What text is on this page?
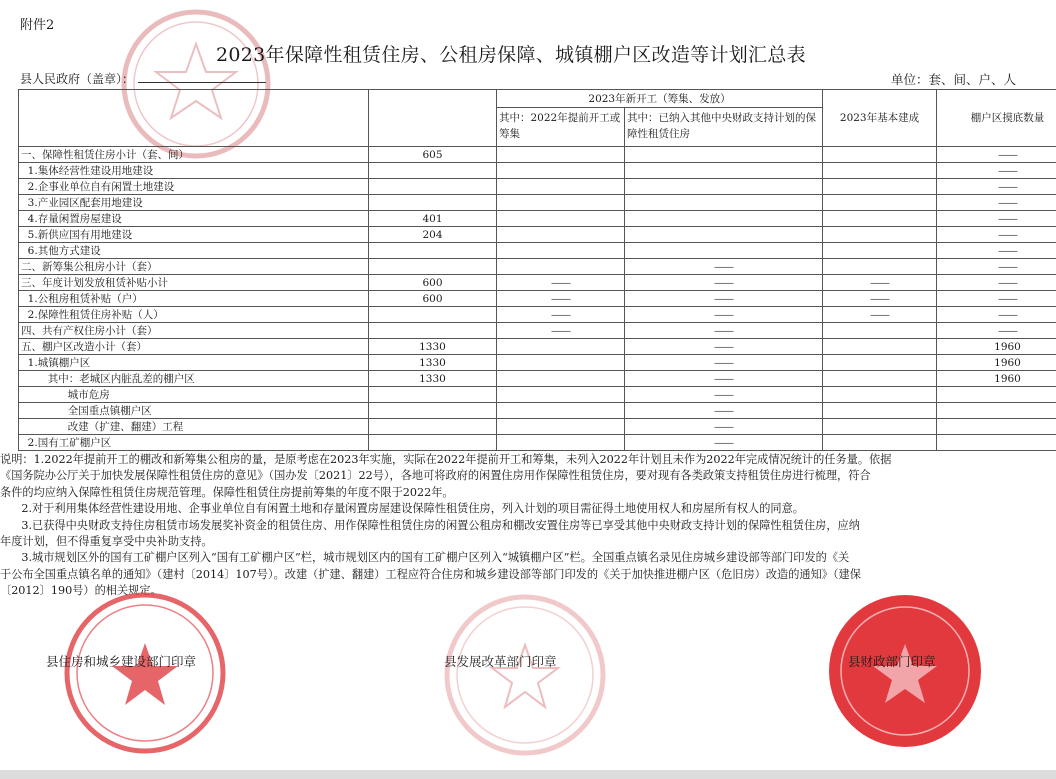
附件2
2023年保障性租赁住房、公租房保障、城镇棚户区改造等计划汇总表
县人民政府（盖章）：	单位：套、间、户、人
		2023年新开工（筹集、发放）		2023年基本建成	棚户区摸底数量
		其中：2022年提前开工或筹集	其中：已纳入其他中央财政支持计划的保障性租赁住房		
一、保障性租赁住房小计（套、间）	605				——
1.集体经营性建设用地建设					——
2.企事业单位自有闲置土地建设					——
3.产业园区配套用地建设					——
4.存量闲置房屋建设	401				——
5.新供应国有用地建设	204				——
6.其他方式建设					——
二、新筹集公租房小计（套）			——		——
三、年度计划发放租赁补贴小计	600	——	——	——	——
1.公租房租赁补贴（户）	600	——	——	——	——
2.保障性租赁住房补贴（人）		——	——	——	——
四、共有产权住房小计（套）		——	——		——
五、棚户区改造小计（套）	1330		——		1960
1.城镇棚户区	1330		——		1960
其中：老城区内脏乱差的棚户区	1330		——		1960
城市危房			——		
全国重点镇棚户区			——		
改建（扩建、翻建）工程			——		
2.国有工矿棚户区			——		
说明：1.2022年提前开工的棚改和新筹集公租房的量，是原考虑在2023年实施，实际在2022年提前开工和筹集，未列入2022年计划且未作为2022年完成情况统计的任务量。依据
《国务院办公厅关于加快发展保障性租赁住房的意见》（国办发〔2021〕22号），各地可将政府的闲置住房用作保障性租赁住房，要对现有各类政策支持租赁住房进行梳理，符合
条件的均应纳入保障性租赁住房规范管理。保障性租赁住房提前筹集的年度不限于2022年。
2.对于利用集体经营性建设用地、企事业单位自有闲置土地和存量闲置房屋建设保障性租赁住房，列入计划的项目需征得土地使用权人和房屋所有权人的同意。
3.已获得中央财政支持住房租赁市场发展奖补资金的租赁住房、用作保障性租赁住房的闲置公租房和棚改安置住房等已享受其他中央财政支持计划的保障性租赁住房，应纳
年度计划，但不得重复享受中央补助支持。
3.城市规划区外的国有工矿棚户区列入“国有工矿棚户区”栏，城市规划区内的国有工矿棚户区列入“城镇棚户区”栏。全国重点镇名录见住房城乡建设部等部门印发的《关
于公布全国重点镇名单的通知》（建村〔2014〕107号）。改建（扩建、翻建）工程应符合住房和城乡建设部等部门印发的《关于加快推进棚户区（危旧房）改造的通知》（建保
〔2012〕190号）的相关规定。
县住房和城乡建设部门印章	县发展改革部门印章	县财政部门印章
